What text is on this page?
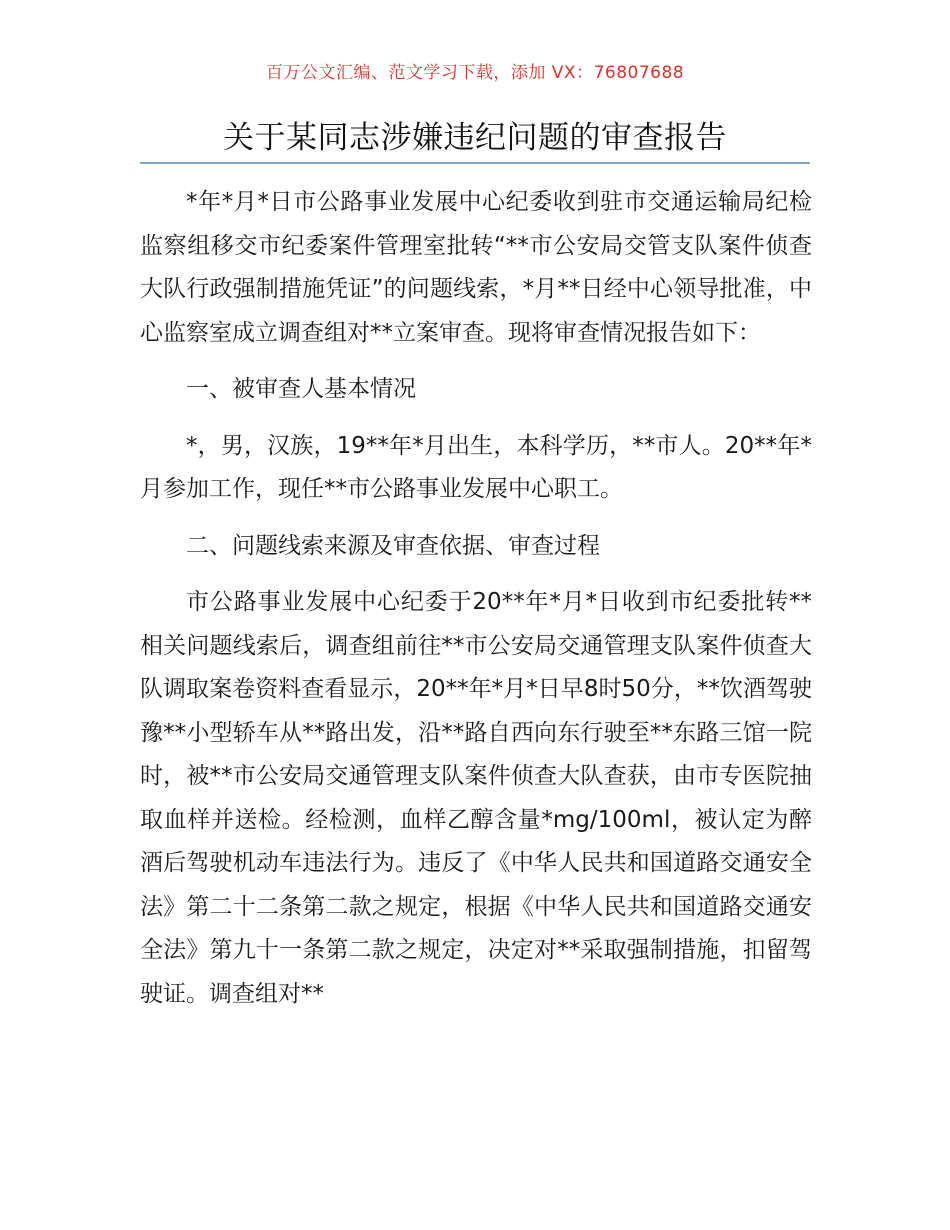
百万公文汇编、范文学习下载，添加 VX：76807688
关于某同志涉嫌违纪问题的审查报告

*年*月*日市公路事业发展中心纪委收到驻市交通运输局纪检监察组移交市纪委案件管理室批转“**市公安局交管支队案件侦查大队行政强制措施凭证”的问题线索，*月**日经中心领导批准，中心监察室成立调查组对**立案审查。现将审查情况报告如下：

一、被审查人基本情况

*，男，汉族，19**年*月出生，本科学历，**市人。20**年*月参加工作，现任**市公路事业发展中心职工。

二、问题线索来源及审查依据、审查过程

市公路事业发展中心纪委于20**年*月*日收到市纪委批转**相关问题线索后，调查组前往**市公安局交通管理支队案件侦查大队调取案卷资料查看显示，20**年*月*日早8时50分，**饮酒驾驶豫**小型轿车从**路出发，沿**路自西向东行驶至**东路三馆一院时，被**市公安局交通管理支队案件侦查大队查获，由市专医院抽取血样并送检。经检测，血样乙醇含量*mg/100ml，被认定为醉酒后驾驶机动车违法行为。违反了《中华人民共和国道路交通安全法》第二十二条第二款之规定，根据《中华人民共和国道路交通安全法》第九十一条第二款之规定，决定对**采取强制措施，扣留驾驶证。调查组对**
